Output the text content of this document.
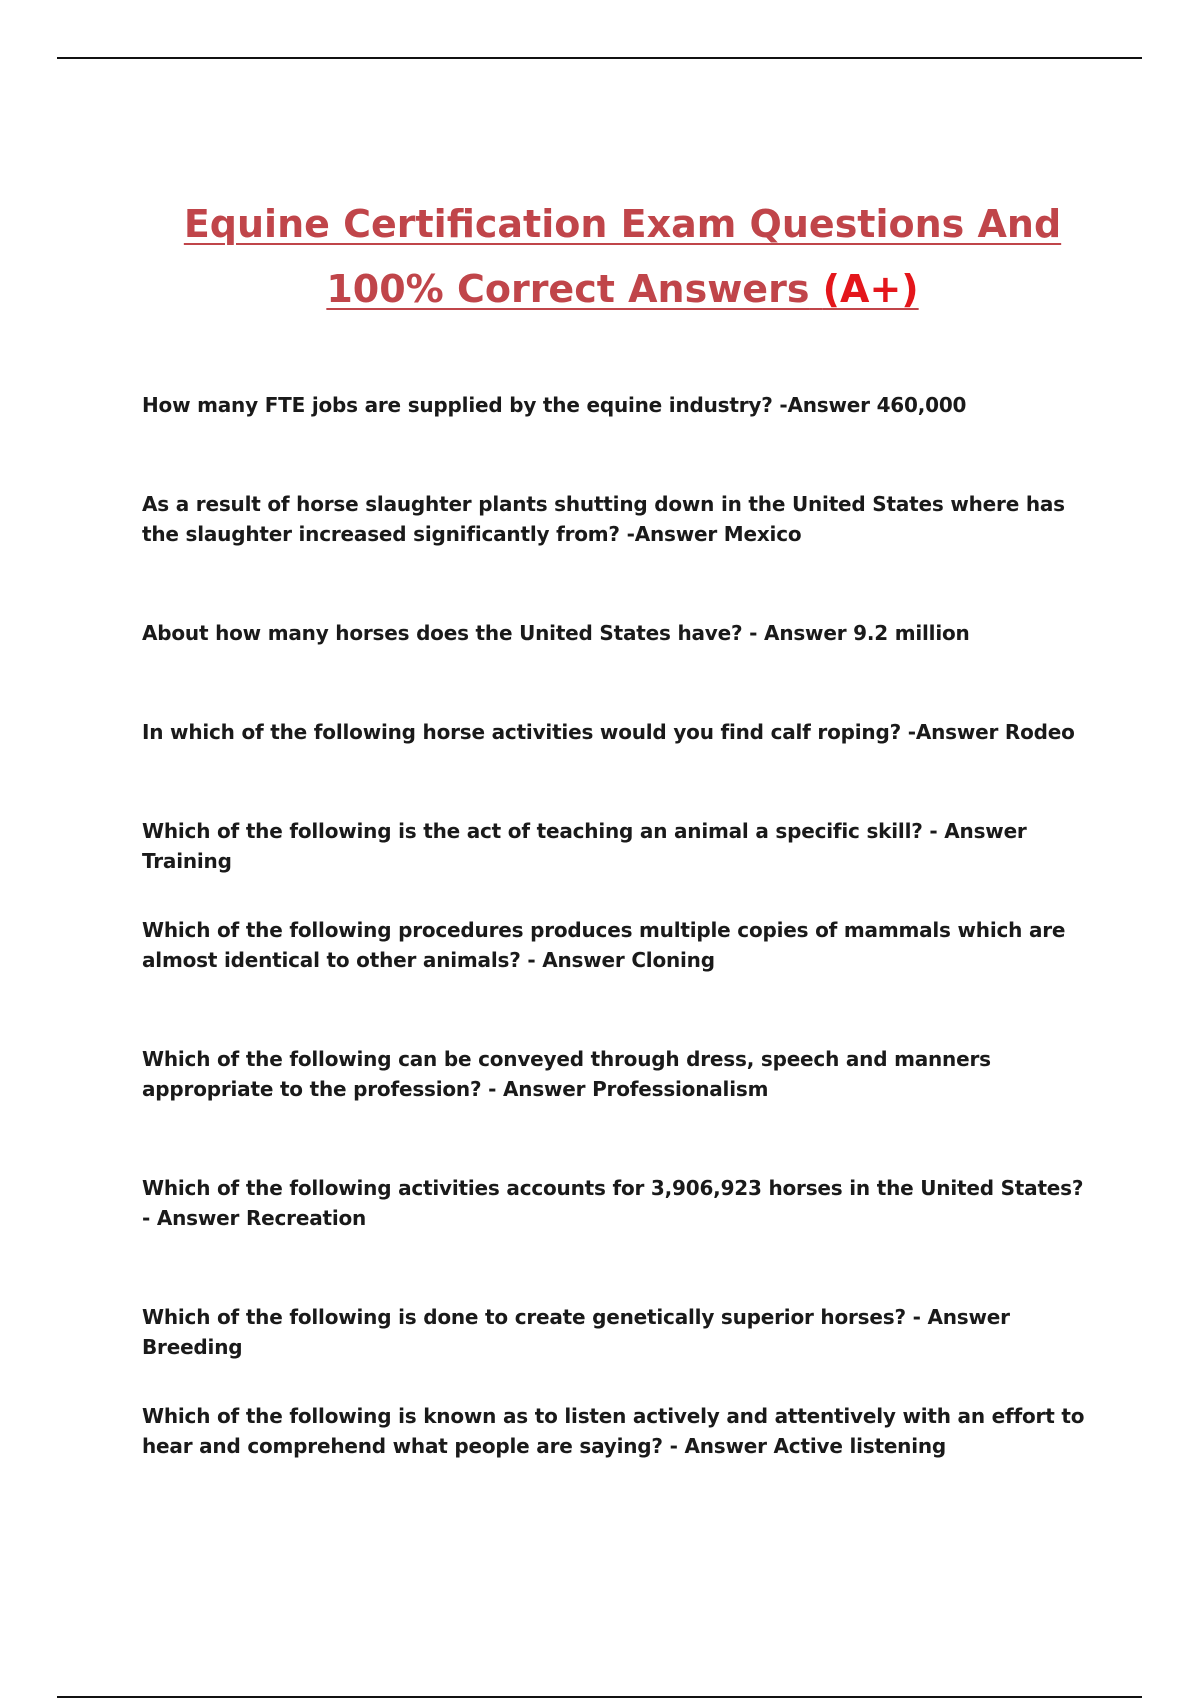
Equine Certification Exam Questions And
100% Correct Answers (A+)
How many FTE jobs are supplied by the equine industry? -Answer 460,000
As a result of horse slaughter plants shutting down in the United States where has the slaughter increased significantly from? -Answer Mexico
About how many horses does the United States have? - Answer 9.2 million
In which of the following horse activities would you find calf roping? -Answer Rodeo
Which of the following is the act of teaching an animal a specific skill? - Answer Training
Which of the following procedures produces multiple copies of mammals which are almost identical to other animals? - Answer Cloning
Which of the following can be conveyed through dress, speech and manners appropriate to the profession? - Answer Professionalism
Which of the following activities accounts for 3,906,923 horses in the United States? - Answer Recreation
Which of the following is done to create genetically superior horses? - Answer Breeding
Which of the following is known as to listen actively and attentively with an effort to hear and comprehend what people are saying? - Answer Active listening
